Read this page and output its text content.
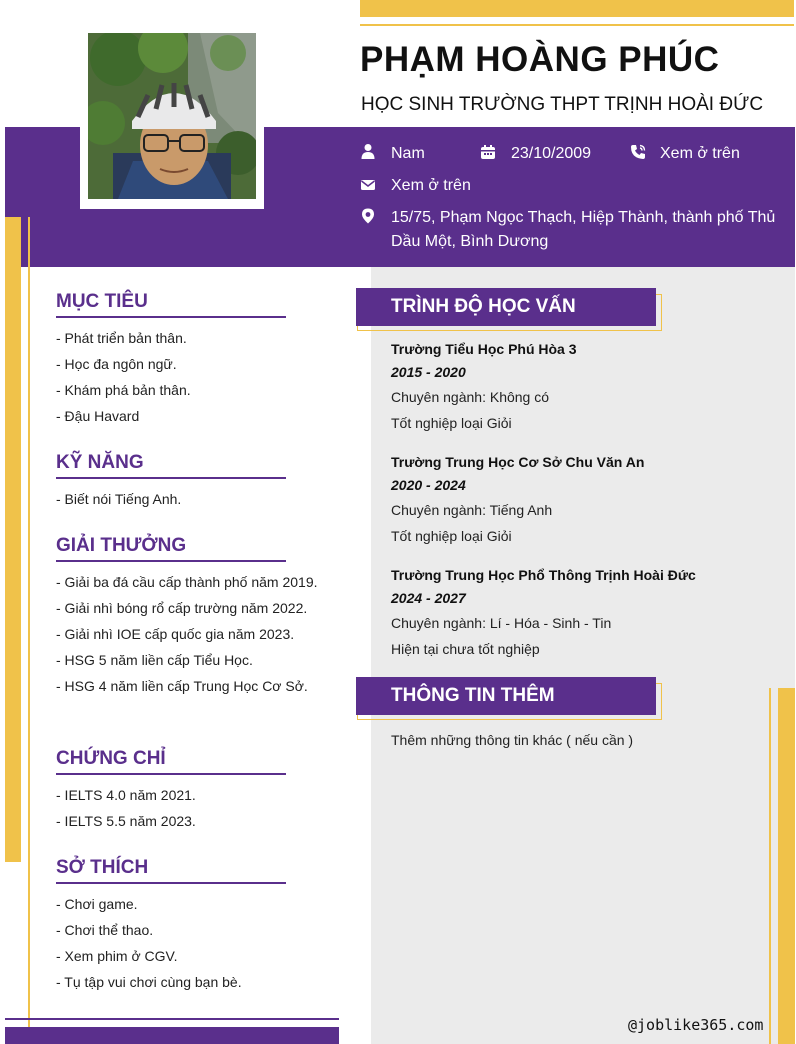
PHẠM HOÀNG PHÚC
HỌC SINH TRƯỜNG THPT TRỊNH HOÀI ĐỨC
Nam	23/10/2009	Xem ở trên
Xem ở trên
15/75, Phạm Ngọc Thạch, Hiệp Thành, thành phố Thủ
Dầu Một, Bình Dương
MỤC TIÊU
- Phát triển bản thân.
- Học đa ngôn ngữ.
- Khám phá bản thân.
- Đậu Havard
KỸ NĂNG
- Biết nói Tiếng Anh.
GIẢI THƯỞNG
- Giải ba đá cầu cấp thành phố năm 2019.
- Giải nhì bóng rổ cấp trường năm 2022.
- Giải nhì IOE cấp quốc gia năm 2023.
- HSG 5 năm liền cấp Tiểu Học.
- HSG 4 năm liền cấp Trung Học Cơ Sở.
CHỨNG CHỈ
- IELTS 4.0 năm 2021.
- IELTS 5.5 năm 2023.
SỞ THÍCH
- Chơi game.
- Chơi thể thao.
- Xem phim ở CGV.
- Tụ tập vui chơi cùng bạn bè.
TRÌNH ĐỘ HỌC VẤN
Trường Tiểu Học Phú Hòa 3
2015 - 2020
Chuyên ngành: Không có
Tốt nghiệp loại Giỏi
Trường Trung Học Cơ Sở Chu Văn An
2020 - 2024
Chuyên ngành: Tiếng Anh
Tốt nghiệp loại Giỏi
Trường Trung Học Phổ Thông Trịnh Hoài Đức
2024 - 2027
Chuyên ngành: Lí - Hóa - Sinh - Tin
Hiện tại chưa tốt nghiệp
THÔNG TIN THÊM
Thêm những thông tin khác ( nếu cần )
@joblike365.com
